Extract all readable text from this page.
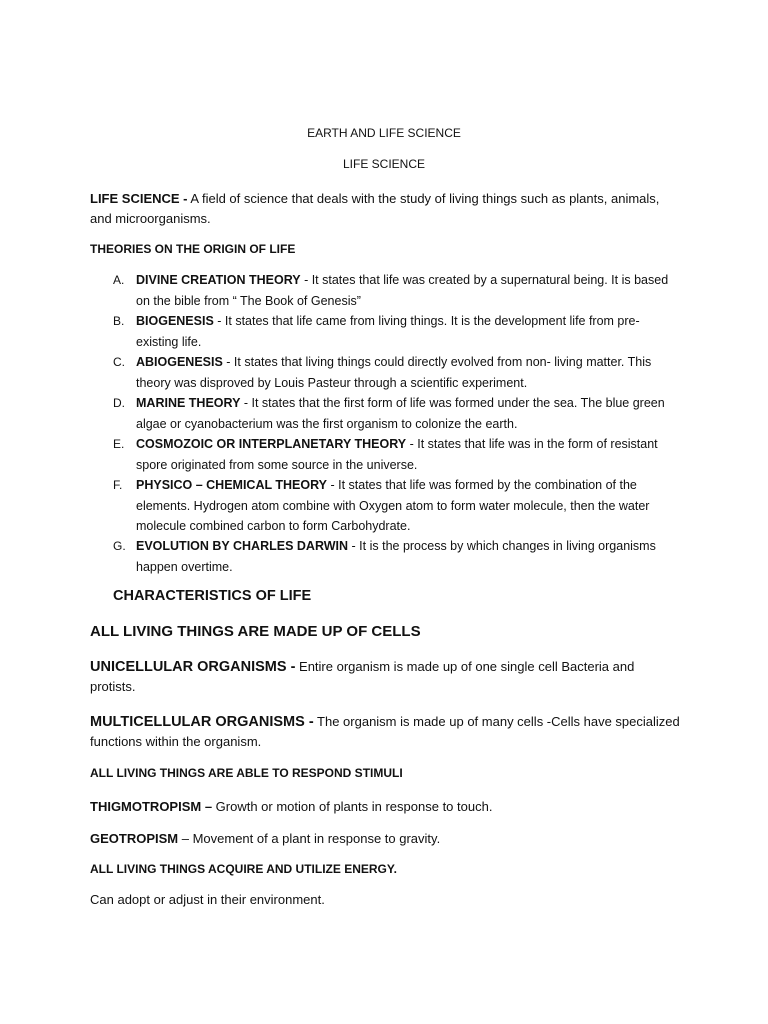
EARTH AND LIFE SCIENCE
LIFE SCIENCE
LIFE SCIENCE - A field of science that deals with the study of living things such as plants, animals, and microorganisms.
THEORIES ON THE ORIGIN OF LIFE
A. DIVINE CREATION THEORY - It states that life was created by a supernatural being. It is based on the bible from “ The Book of Genesis”
B. BIOGENESIS - It states that life came from living things. It is the development life from pre-existing life.
C. ABIOGENESIS - It states that living things could directly evolved from non- living matter. This theory was disproved by Louis Pasteur through a scientific experiment.
D. MARINE THEORY - It states that the first form of life was formed under the sea. The blue green algae or cyanobacterium was the first organism to colonize the earth.
E. COSMOZOIC OR INTERPLANETARY THEORY - It states that life was in the form of resistant spore originated from some source in the universe.
F. PHYSICO – CHEMICAL THEORY - It states that life was formed by the combination of the elements. Hydrogen atom combine with Oxygen atom to form water molecule, then the water molecule combined carbon to form Carbohydrate.
G. EVOLUTION BY CHARLES DARWIN - It is the process by which changes in living organisms happen overtime.
CHARACTERISTICS OF LIFE
ALL LIVING THINGS ARE MADE UP OF CELLS
UNICELLULAR ORGANISMS - Entire organism is made up of one single cell Bacteria and protists.
MULTICELLULAR ORGANISMS - The organism is made up of many cells -Cells have specialized functions within the organism.
ALL LIVING THINGS ARE ABLE TO RESPOND STIMULI
THIGMOTROPISM – Growth or motion of plants in response to touch.
GEOTROPISM – Movement of a plant in response to gravity.
ALL LIVING THINGS ACQUIRE AND UTILIZE ENERGY.
Can adopt or adjust in their environment.
